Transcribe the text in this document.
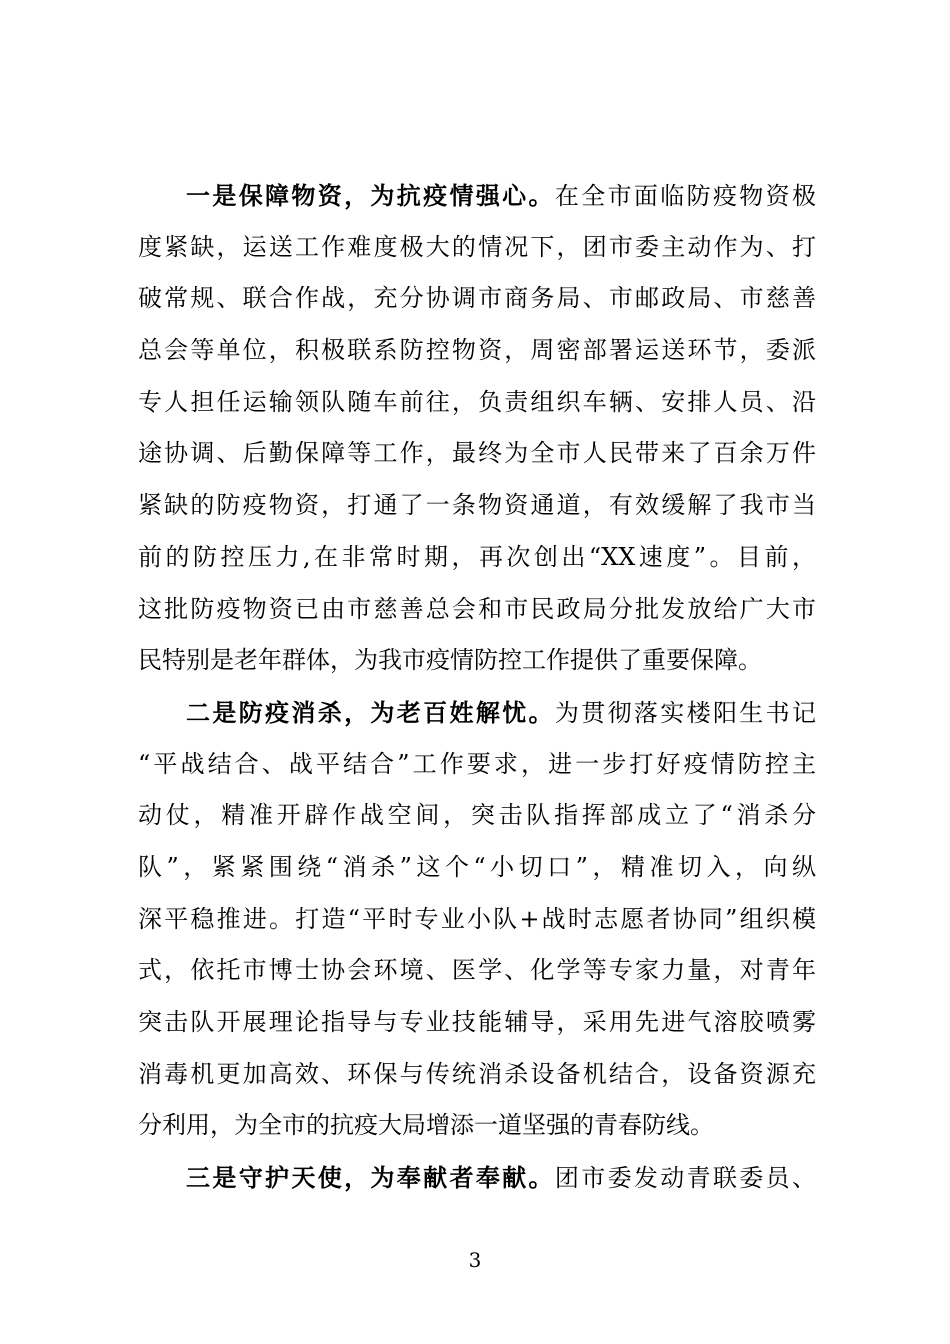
一是保障物资，为抗疫情强心。在全市面临防疫物资极
度紧缺，运送工作难度极大的情况下，团市委主动作为、打
破常规、联合作战，充分协调市商务局、市邮政局、市慈善
总会等单位，积极联系防控物资，周密部署运送环节，委派
专人担任运输领队随车前往，负责组织车辆、安排人员、沿
途协调、后勤保障等工作，最终为全市人民带来了百余万件
紧缺的防疫物资，打通了一条物资通道，有效缓解了我市当
前的防控压力,在非常时期，再次创出“XX速度”。目前，
这批防疫物资已由市慈善总会和市民政局分批发放给广大市
民特别是老年群体，为我市疫情防控工作提供了重要保障。
二是防疫消杀，为老百姓解忧。为贯彻落实楼阳生书记
“平战结合、战平结合”工作要求，进一步打好疫情防控主
动仗，精准开辟作战空间，突击队指挥部成立了“消杀分
队”，紧紧围绕“消杀”这个“小切口”，精准切入，向纵
深平稳推进。打造“平时专业小队+战时志愿者协同”组织模
式，依托市博士协会环境、医学、化学等专家力量，对青年
突击队开展理论指导与专业技能辅导，采用先进气溶胶喷雾
消毒机更加高效、环保与传统消杀设备机结合，设备资源充
分利用，为全市的抗疫大局增添一道坚强的青春防线。
三是守护天使，为奉献者奉献。团市委发动青联委员、
3
